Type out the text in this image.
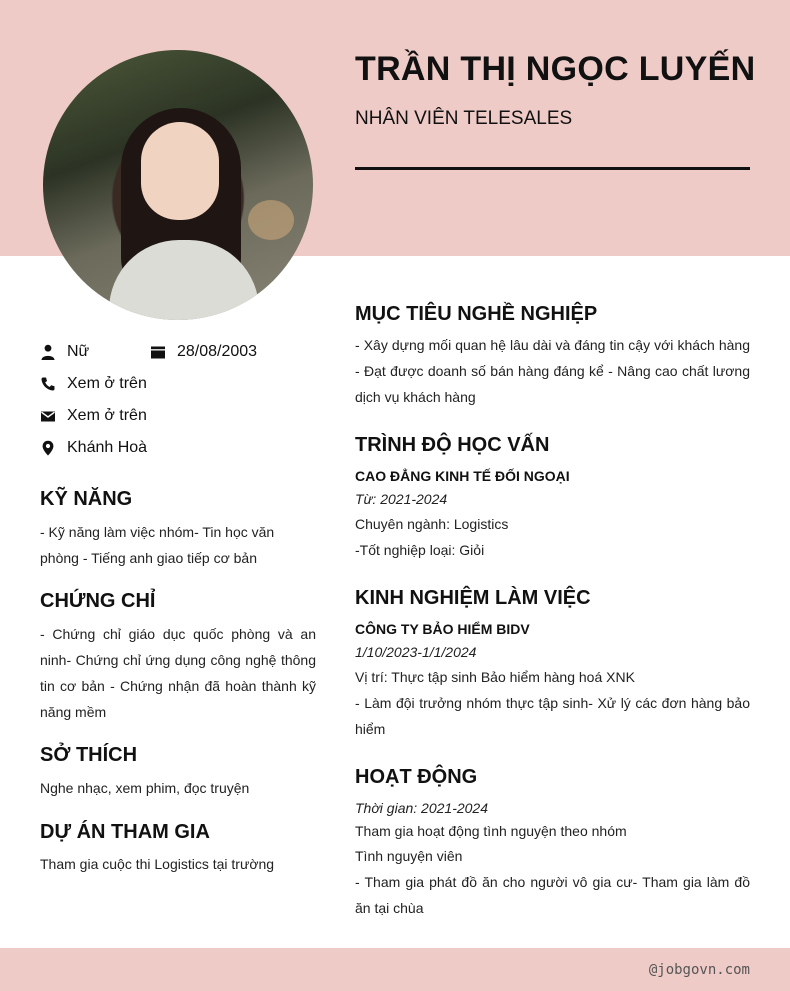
TRẦN THỊ NGỌC LUYẾN
NHÂN VIÊN TELESALES
Nữ	28/08/2003
Xem ở trên
Xem ở trên
Khánh Hoà
KỸ NĂNG
- Kỹ năng làm việc nhóm- Tin học văn phòng - Tiếng anh giao tiếp cơ bản
CHỨNG CHỈ
- Chứng chỉ giáo dục quốc phòng và an ninh- Chứng chỉ ứng dụng công nghệ thông tin cơ bản - Chứng nhận đã hoàn thành kỹ năng mềm
SỞ THÍCH
Nghe nhạc, xem phim, đọc truyện
DỰ ÁN THAM GIA
Tham gia cuộc thi Logistics tại trường
MỤC TIÊU NGHỀ NGHIỆP
- Xây dựng mối quan hệ lâu dài và đáng tin cậy với khách hàng - Đạt được doanh số bán hàng đáng kể - Nâng cao chất lương dịch vụ khách hàng
TRÌNH ĐỘ HỌC VẤN
CAO ĐẲNG KINH TẾ ĐỐI NGOẠI
Từ: 2021-2024
Chuyên ngành: Logistics
-Tốt nghiệp loại: Giỏi
KINH NGHIỆM LÀM VIỆC
CÔNG TY BẢO HIỂM BIDV
1/10/2023-1/1/2024
Vị trí: Thực tập sinh Bảo hiểm hàng hoá XNK
- Làm đội trưởng nhóm thực tập sinh- Xử lý các đơn hàng bảo hiểm
HOẠT ĐỘNG
Thời gian: 2021-2024
Tham gia hoạt động tình nguyện theo nhóm
Tình nguyện viên
- Tham gia phát đồ ăn cho người vô gia cư- Tham gia làm đồ ăn tại chùa
@jobgovn.com
